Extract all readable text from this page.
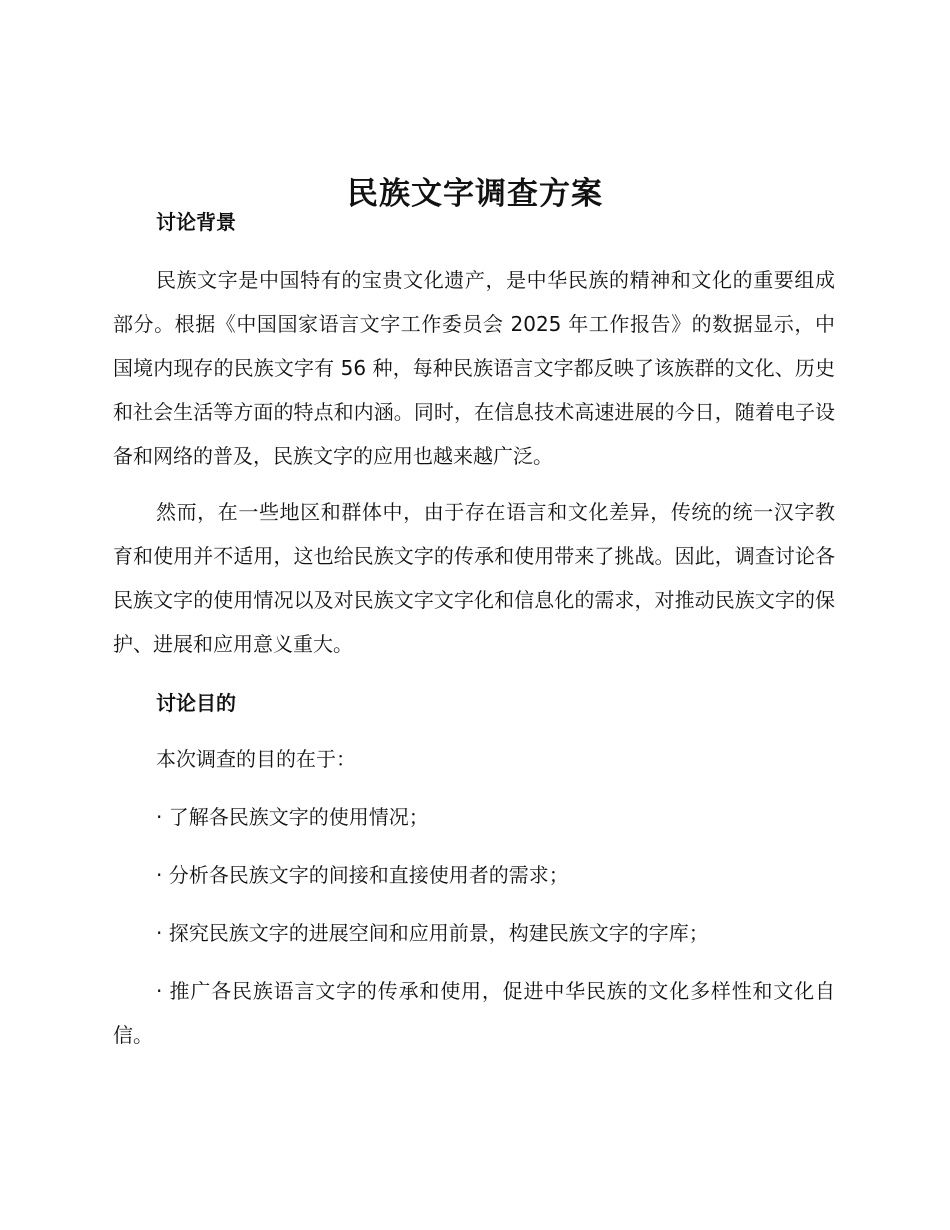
民族文字调查方案
讨论背景

民族文字是中国特有的宝贵文化遗产，是中华民族的精神和文化的重要组成部分。根据《中国国家语言文字工作委员会 2025 年工作报告》的数据显示，中国境内现存的民族文字有 56 种，每种民族语言文字都反映了该族群的文化、历史和社会生活等方面的特点和内涵。同时，在信息技术高速进展的今日，随着电子设备和网络的普及，民族文字的应用也越来越广泛。

然而，在一些地区和群体中，由于存在语言和文化差异，传统的统一汉字教育和使用并不适用，这也给民族文字的传承和使用带来了挑战。因此，调查讨论各民族文字的使用情况以及对民族文字文字化和信息化的需求，对推动民族文字的保护、进展和应用意义重大。

讨论目的

本次调查的目的在于：

· 了解各民族文字的使用情况；

· 分析各民族文字的间接和直接使用者的需求；

· 探究民族文字的进展空间和应用前景，构建民族文字的字库；

· 推广各民族语言文字的传承和使用，促进中华民族的文化多样性和文化自信。
